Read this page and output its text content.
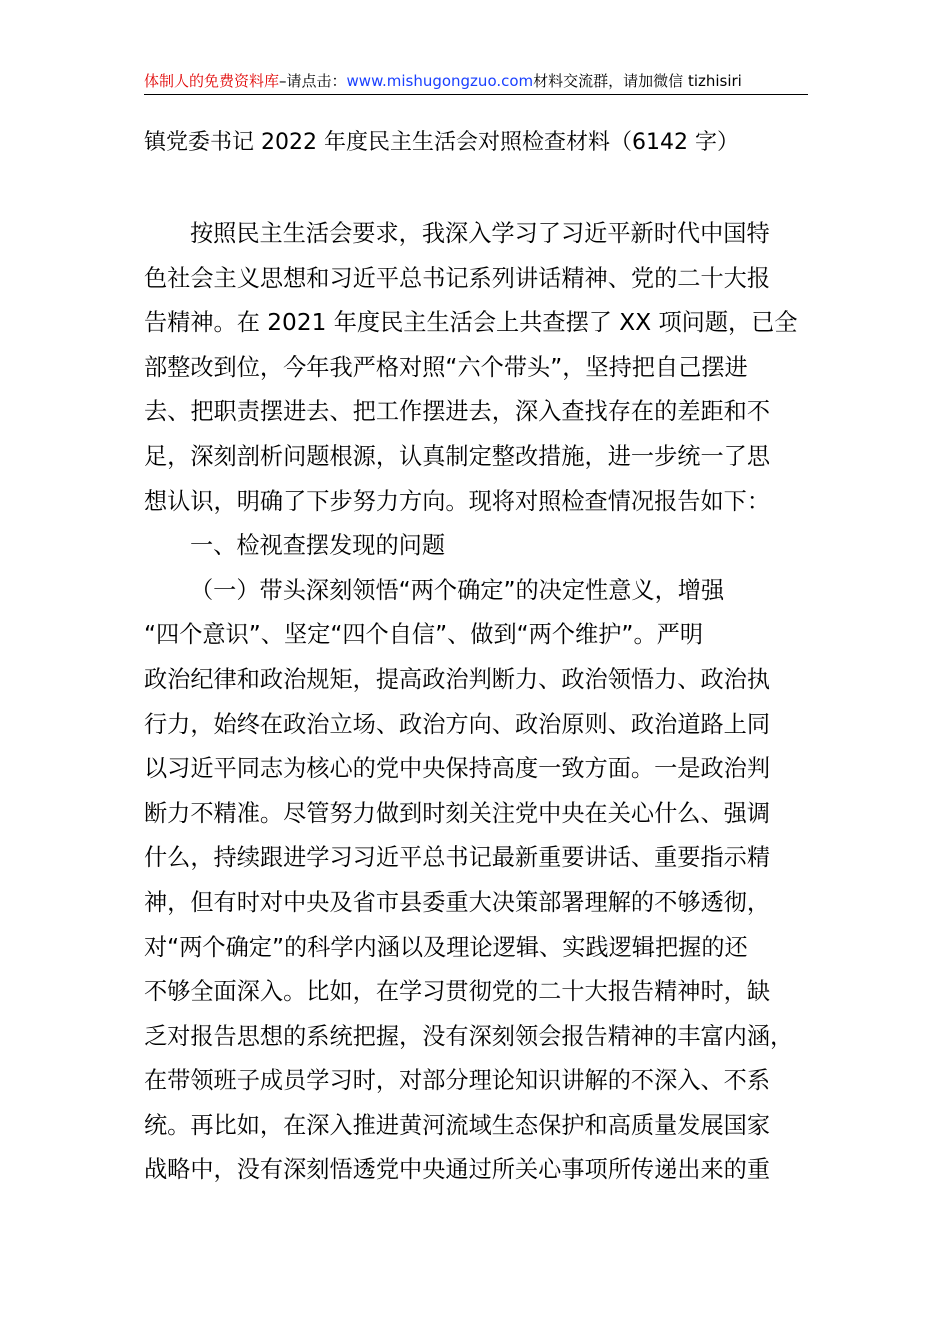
体制人的免费资料库–请点击：www.mishugongzuo.com材料交流群，请加微信 tizhisiri
镇党委书记 2022 年度民主生活会对照检查材料（6142 字）
按照民主生活会要求，我深入学习了习近平新时代中国特
色社会主义思想和习近平总书记系列讲话精神、党的二十大报
告精神。在 2021 年度民主生活会上共查摆了 XX 项问题，已全
部整改到位，今年我严格对照“六个带头”，坚持把自己摆进
去、把职责摆进去、把工作摆进去，深入查找存在的差距和不
足，深刻剖析问题根源，认真制定整改措施，进一步统一了思
想认识，明确了下步努力方向。现将对照检查情况报告如下：
一、检视查摆发现的问题
（一）带头深刻领悟“两个确定”的决定性意义，增强
“四个意识”、坚定“四个自信”、做到“两个维护”。严明
政治纪律和政治规矩，提高政治判断力、政治领悟力、政治执
行力，始终在政治立场、政治方向、政治原则、政治道路上同
以习近平同志为核心的党中央保持高度一致方面。一是政治判
断力不精准。尽管努力做到时刻关注党中央在关心什么、强调
什么，持续跟进学习习近平总书记最新重要讲话、重要指示精
神，但有时对中央及省市县委重大决策部署理解的不够透彻，
对“两个确定”的科学内涵以及理论逻辑、实践逻辑把握的还
不够全面深入。比如，在学习贯彻党的二十大报告精神时，缺
乏对报告思想的系统把握，没有深刻领会报告精神的丰富内涵，
在带领班子成员学习时，对部分理论知识讲解的不深入、不系
统。再比如，在深入推进黄河流域生态保护和高质量发展国家
战略中，没有深刻悟透党中央通过所关心事项所传递出来的重
